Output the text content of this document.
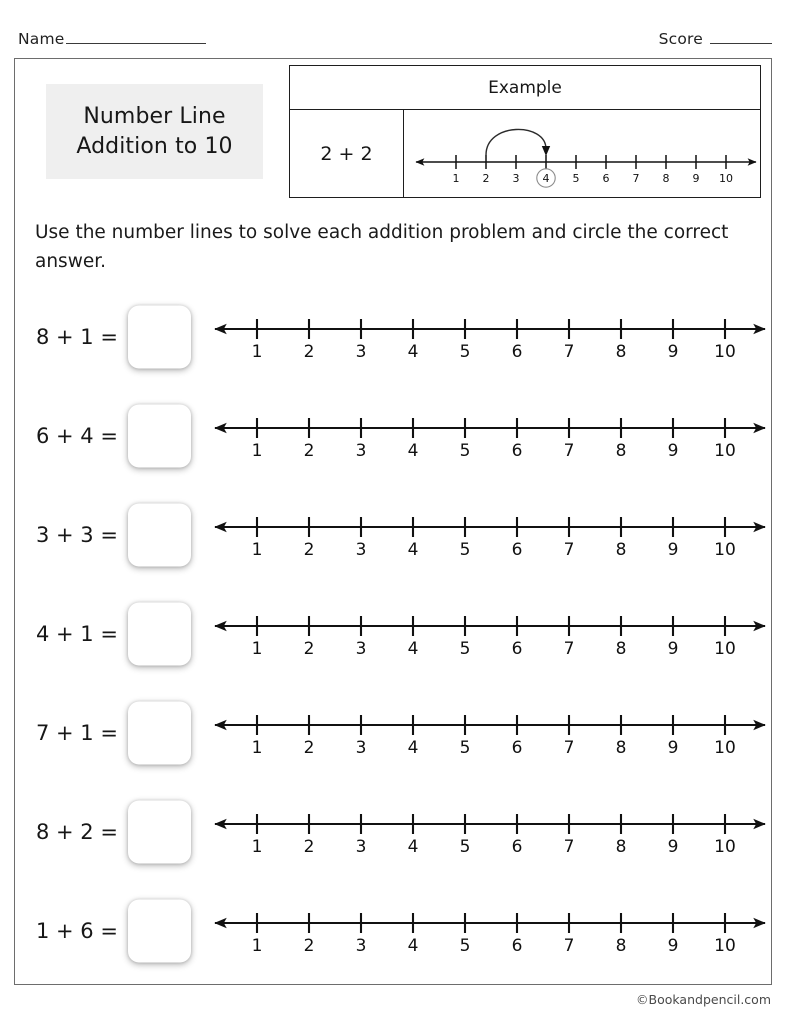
Name	Score
Number Line
Addition to 10
Example
2 + 2
1 2 3 4 5 6 7 8 9 10
Use the number lines to solve each addition problem and circle the correct answer.
8 + 1 =
1 2 3 4 5 6 7 8 9 10
6 + 4 =
1 2 3 4 5 6 7 8 9 10
3 + 3 =
1 2 3 4 5 6 7 8 9 10
4 + 1 =
1 2 3 4 5 6 7 8 9 10
7 + 1 =
1 2 3 4 5 6 7 8 9 10
8 + 2 =
1 2 3 4 5 6 7 8 9 10
1 + 6 =
1 2 3 4 5 6 7 8 9 10
©Bookandpencil.com
